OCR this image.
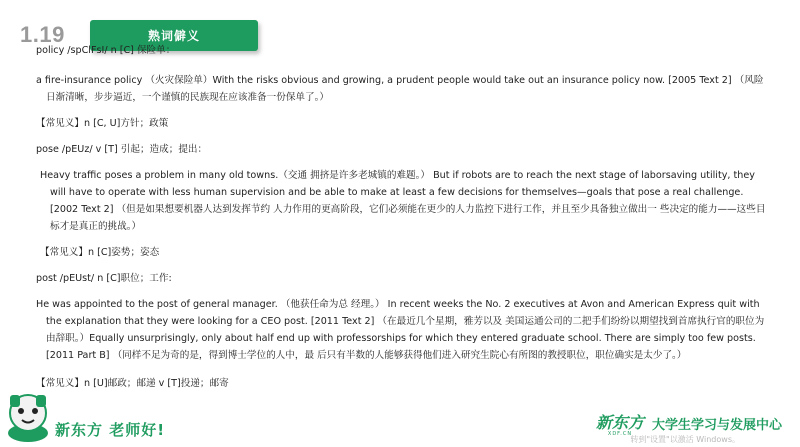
1.19	熟词僻义

policy /spClFsI/ n [C] 保险单：

a fire-insurance policy （火灾保险单）With the risks obvious and growing, a prudent people would take out an insurance policy now. [2005 Text 2] （风险日渐清晰，步步逼近，一个谨慎的民族现在应该准备一份保单了。）

【常见义】n [C, U]方针；政策

pose /pEUz/ v [T] 引起；造成；提出：

Heavy traffic poses a problem in many old towns.（交通 拥挤是许多老城镇的难题。） But if robots are to reach the next stage of laborsaving utility, they will have to operate with less human supervision and be able to make at least a few decisions for themselves—goals that pose a real challenge. [2002 Text 2] （但是如果想要机器人达到发挥节约 人力作用的更高阶段，它们必须能在更少的人力监控下进行工作，并且至少具备独立做出一 些决定的能力——这些目标才是真正的挑战。）

【常见义】n [C]姿势；姿态

post /pEUst/ n [C]职位；工作:

He was appointed to the post of general manager. （他获任命为总 经理。） In recent weeks the No. 2 executives at Avon and American Express quit with the explanation that they were looking for a CEO post. [2011 Text 2] （在最近几个星期，雅芳以及 美国运通公司的二把手们纷纷以期望找到首席执行官的职位为由辞职。）Equally unsurprisingly, only about half end up with professorships for which they entered graduate school. There are simply too few posts. [2011 Part B] （同样不足为奇的是，得到博士学位的人中，最 后只有半数的人能够获得他们进入研究生院心有所图的教授职位，职位确实是太少了。）

【常见义】n [U]邮政；邮递 v [T]投递；邮寄

新东方 老师好!	新东方
XDF.CN
大学生学习与发展中心
转到"设置"以激活 Windows。
